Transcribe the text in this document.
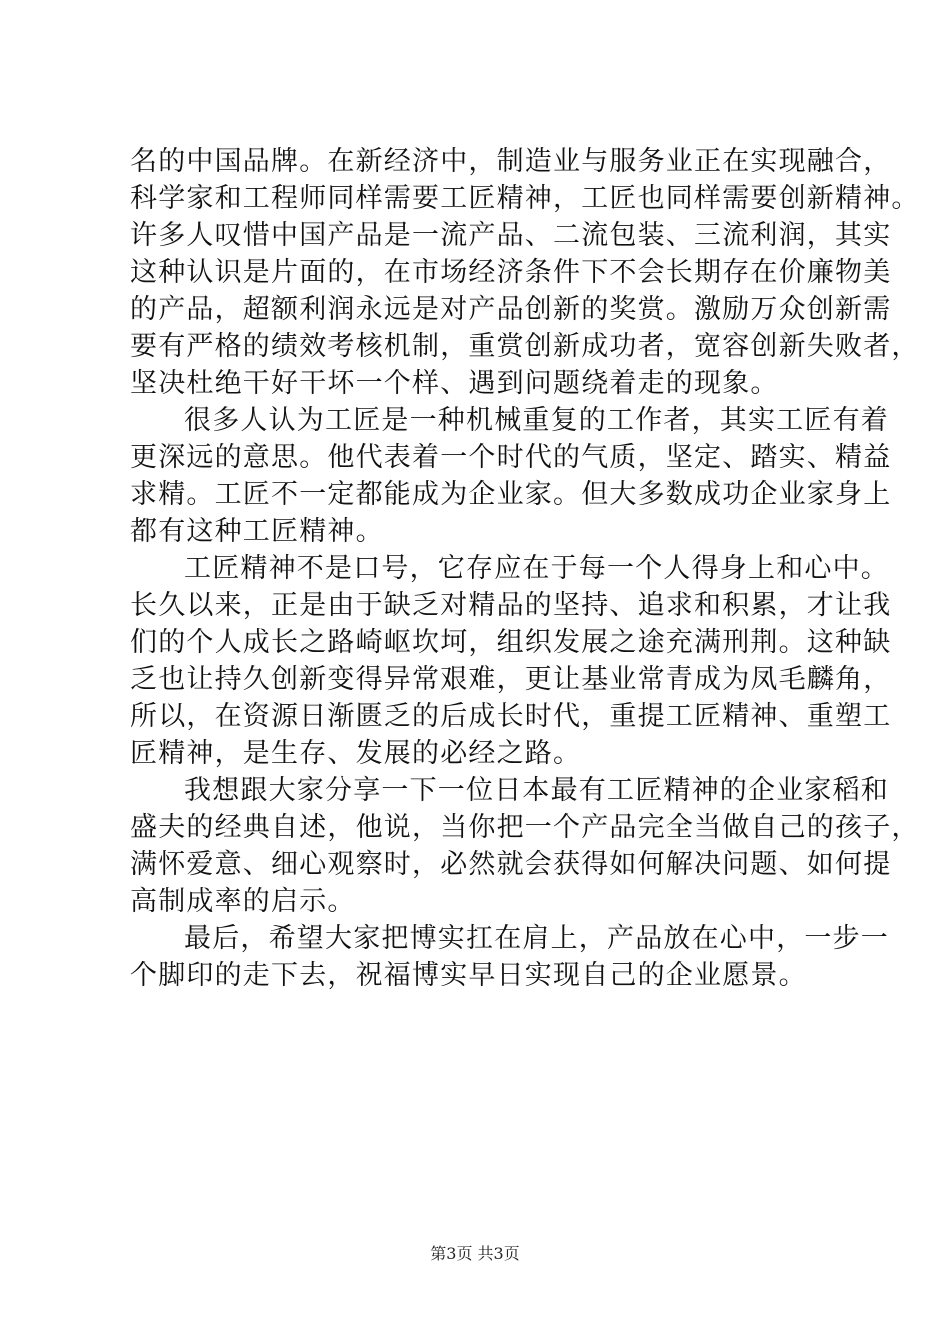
名的中国品牌。在新经济中，制造业与服务业正在实现融合，
科学家和工程师同样需要工匠精神，工匠也同样需要创新精神。
许多人叹惜中国产品是一流产品、二流包装、三流利润，其实
这种认识是片面的，在市场经济条件下不会长期存在价廉物美
的产品，超额利润永远是对产品创新的奖赏。激励万众创新需
要有严格的绩效考核机制，重赏创新成功者，宽容创新失败者，
坚决杜绝干好干坏一个样、遇到问题绕着走的现象。

很多人认为工匠是一种机械重复的工作者，其实工匠有着
更深远的意思。他代表着一个时代的气质，坚定、踏实、精益
求精。工匠不一定都能成为企业家。但大多数成功企业家身上
都有这种工匠精神。

工匠精神不是口号，它存应在于每一个人得身上和心中。
长久以来，正是由于缺乏对精品的坚持、追求和积累，才让我
们的个人成长之路崎岖坎坷，组织发展之途充满刑荆。这种缺
乏也让持久创新变得异常艰难，更让基业常青成为凤毛麟角，
所以，在资源日渐匮乏的后成长时代，重提工匠精神、重塑工
匠精神，是生存、发展的必经之路。

我想跟大家分享一下一位日本最有工匠精神的企业家稻和
盛夫的经典自述，他说，当你把一个产品完全当做自己的孩子，
满怀爱意、细心观察时，必然就会获得如何解决问题、如何提
高制成率的启示。

最后，希望大家把博实扛在肩上，产品放在心中，一步一
个脚印的走下去，祝福博实早日实现自己的企业愿景。

第3页 共3页
